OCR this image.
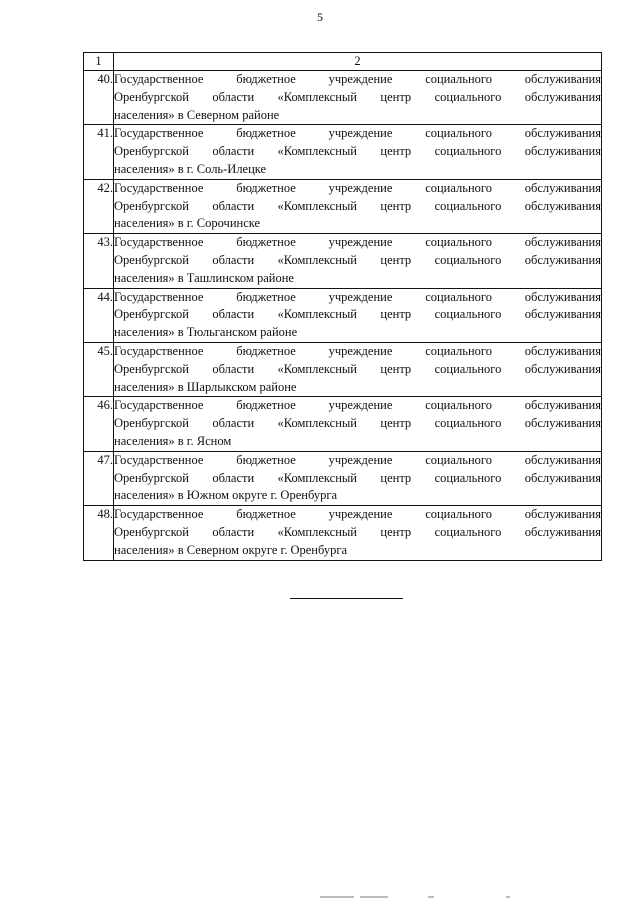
5
1	2
40.	Государственное бюджетное учреждение социального обслуживания
Оренбургской области «Комплексный центр социального обслуживания
населения» в Северном районе

41.	Государственное бюджетное учреждение социального обслуживания
Оренбургской области «Комплексный центр социального обслуживания
населения» в г. Соль-Илецке

42.	Государственное бюджетное учреждение социального обслуживания
Оренбургской области «Комплексный центр социального обслуживания
населения» в г. Сорочинске

43.	Государственное бюджетное учреждение социального обслуживания
Оренбургской области «Комплексный центр социального обслуживания
населения» в Ташлинском районе

44.	Государственное бюджетное учреждение социального обслуживания
Оренбургской области «Комплексный центр социального обслуживания
населения» в Тюльганском районе

45.	Государственное бюджетное учреждение социального обслуживания
Оренбургской области «Комплексный центр социального обслуживания
населения» в Шарлыкском районе

46.	Государственное бюджетное учреждение социального обслуживания
Оренбургской области «Комплексный центр социального обслуживания
населения» в г. Ясном

47.	Государственное бюджетное учреждение социального обслуживания
Оренбургской области «Комплексный центр социального обслуживания
населения» в Южном округе г. Оренбурга

48.	Государственное бюджетное учреждение социального обслуживания
Оренбургской области «Комплексный центр социального обслуживания
населения» в Северном округе г. Оренбурга
